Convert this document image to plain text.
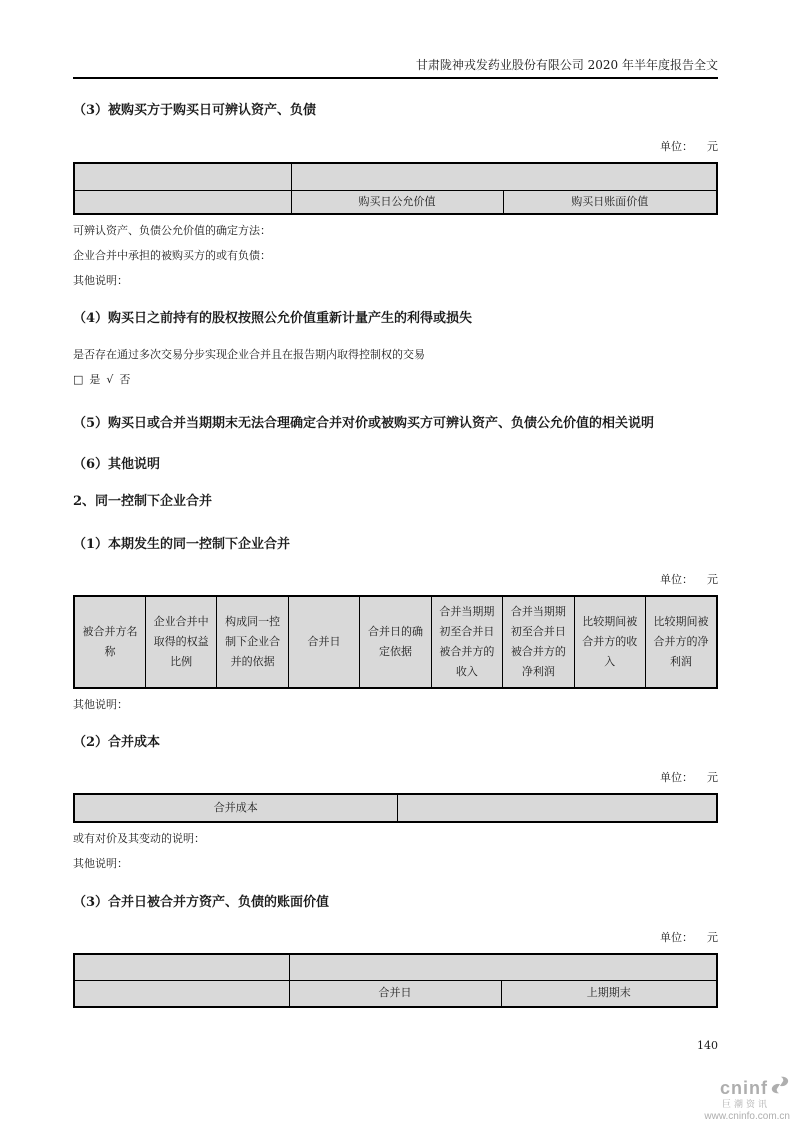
甘肃陇神戎发药业股份有限公司 2020 年半年度报告全文
（3）被购买方于购买日可辨认资产、负债
单位： 元

	购买日公允价值	购买日账面价值
可辨认资产、负债公允价值的确定方法：
企业合并中承担的被购买方的或有负债：
其他说明：
（4）购买日之前持有的股权按照公允价值重新计量产生的利得或损失
是否存在通过多次交易分步实现企业合并且在报告期内取得控制权的交易
□ 是 √ 否
（5）购买日或合并当期期末无法合理确定合并对价或被购买方可辨认资产、负债公允价值的相关说明
（6）其他说明
2、同一控制下企业合并
（1）本期发生的同一控制下企业合并
单位： 元
被合并方名称	企业合并中取得的权益比例	构成同一控制下企业合并的依据	合并日	合并日的确定依据	合并当期期初至合并日被合并方的收入	合并当期期初至合并日被合并方的净利润	比较期间被合并方的收入	比较期间被合并方的净利润
其他说明：
（2）合并成本
单位： 元
合并成本	
或有对价及其变动的说明：
其他说明：
（3）合并日被合并方资产、负债的账面价值
单位： 元

	合并日	上期期末
140
cninf
巨潮资讯
www.cninfo.com.cn
